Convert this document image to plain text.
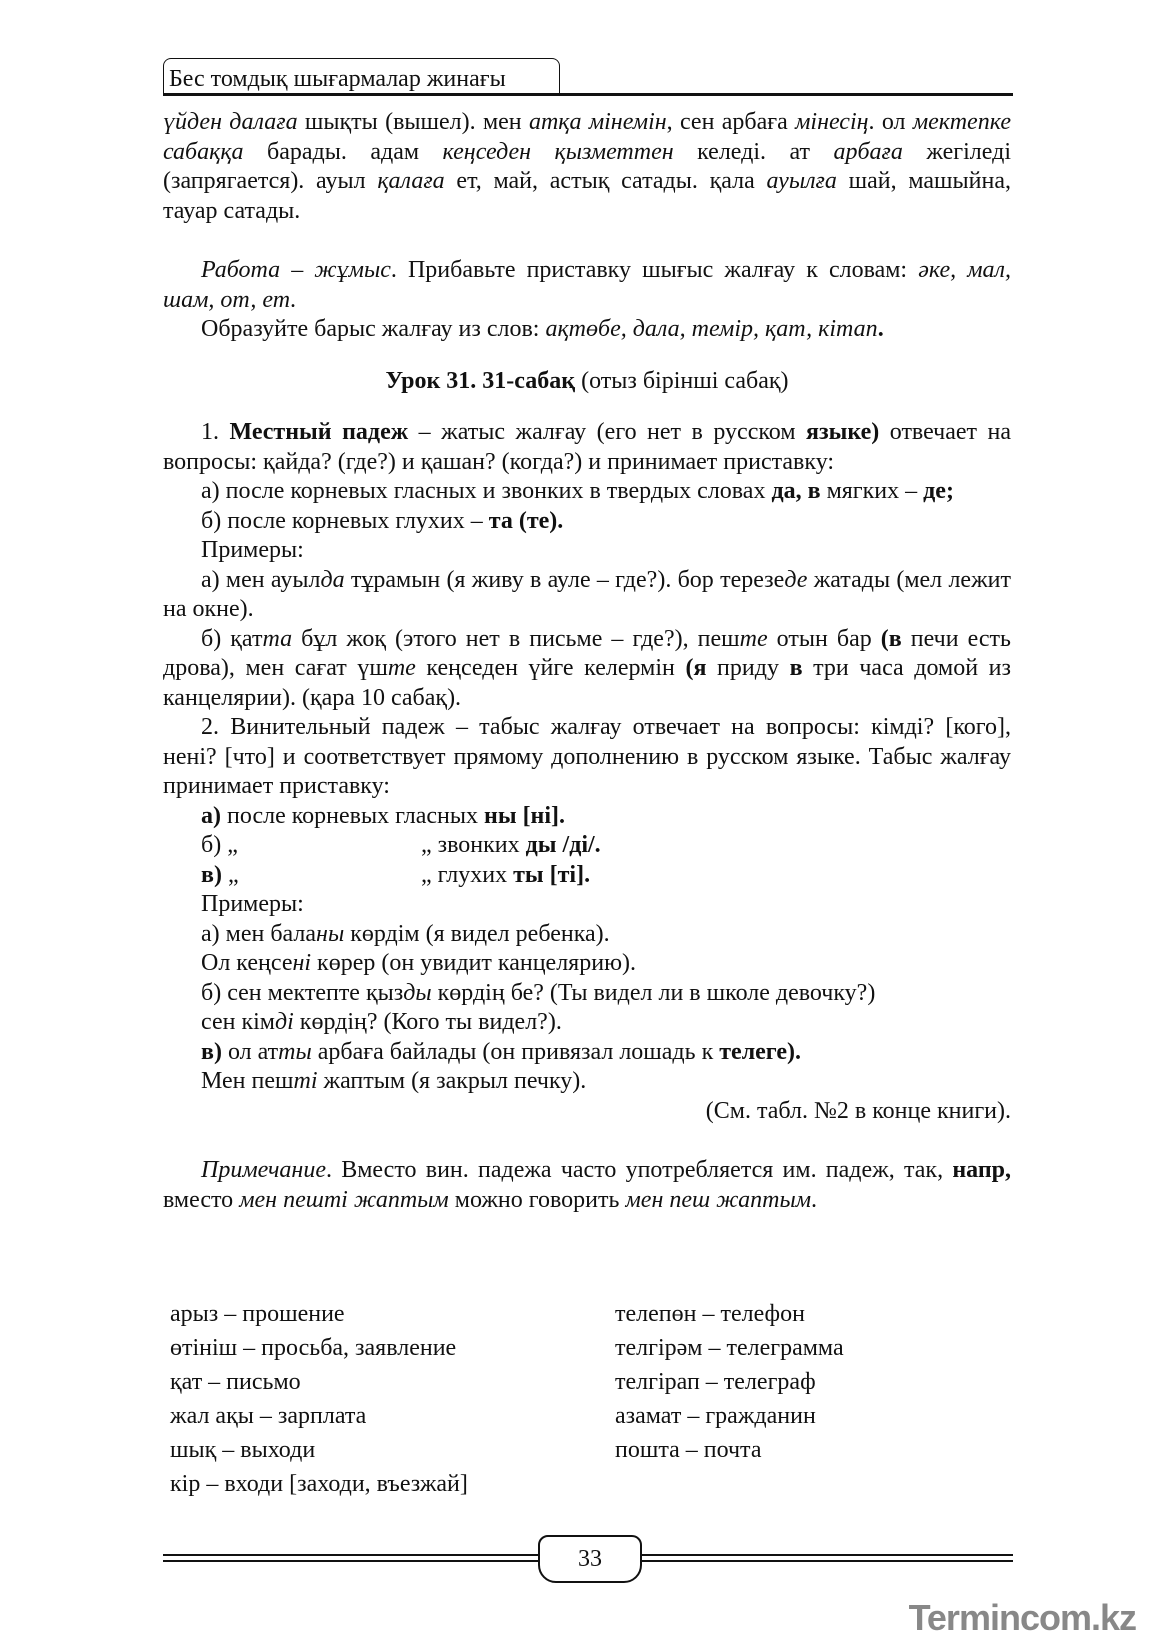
Бес томдық шығармалар жинағы

үйден далаға шықты (вышел). мен атқа мінемін, сен арбаға мінесің. ол мектепке сабаққа барады. адам кеңседен қызметтен келеді. ат арбаға жегіледі (запрягается). ауыл қалаға ет, май, астық сатады. қала ауылға шай, машыйна, тауар сатады.

Работа – жұмыс. Прибавьте приставку шығыс жалғау к словам: әке, мал, шам, от, ет.

Образуйте барыс жалғау из слов: ақтөбе, дала, темір, қат, кітап.

Урок 31. 31-сабақ (отыз бірінші сабақ)

1. Местный падеж – жатыс жалғау (его нет в русском языке) отвечает на вопросы: қайда? (где?) и қашан? (когда?) и принимает приставку:

а) после корневых гласных и звонких в твердых словах да, в мягких – де;

б) после корневых глухих – та (те).

Примеры:

а) мен ауылда тұрамын (я живу в ауле – где?). бор терезеде жатады (мел лежит на окне).

б) қатта бұл жоқ (этого нет в письме – где?), пеште отын бар (в печи есть дрова), мен сағат үште кеңседен үйге келермін (я приду в три часа домой из канцелярии). (қара 10 сабақ).

2. Винительный падеж – табыс жалғау отвечает на вопросы: кімді? [кого], нені? [что] и соответствует прямому дополнению в русском языке. Табыс жалғау принимает приставку:

а) после корневых гласных ны [ні].

б) „	„ звонких ды /ді/.

в) „	„ глухих ты [ті].

Примеры:

а) мен баланы көрдім (я видел ребенка).

Ол кеңсені көрер (он увидит канцелярию).

б) сен мектепте қызды көрдің бе? (Ты видел ли в школе девочку?)

сен кімді көрдің? (Кого ты видел?).

в) ол атты арбаға байлады (он привязал лошадь к телеге).

Мен пешті жаптым (я закрыл печку).

(См. табл. №2 в конце книги).

Примечание. Вместо вин. падежа часто употребляется им. падеж, так, напр, вместо мен пешті жаптым можно говорить мен пеш жаптым.

арыз – прошение
өтініш – просьба, заявление
қат – письмо
жал ақы – зарплата
шық – выходи
кір – входи [заходи, въезжай]
телепөн – телефон
телгірәм – телеграмма
телгірап – телеграф
азамат – гражданин
пошта – почта
33
Termincom.kz
